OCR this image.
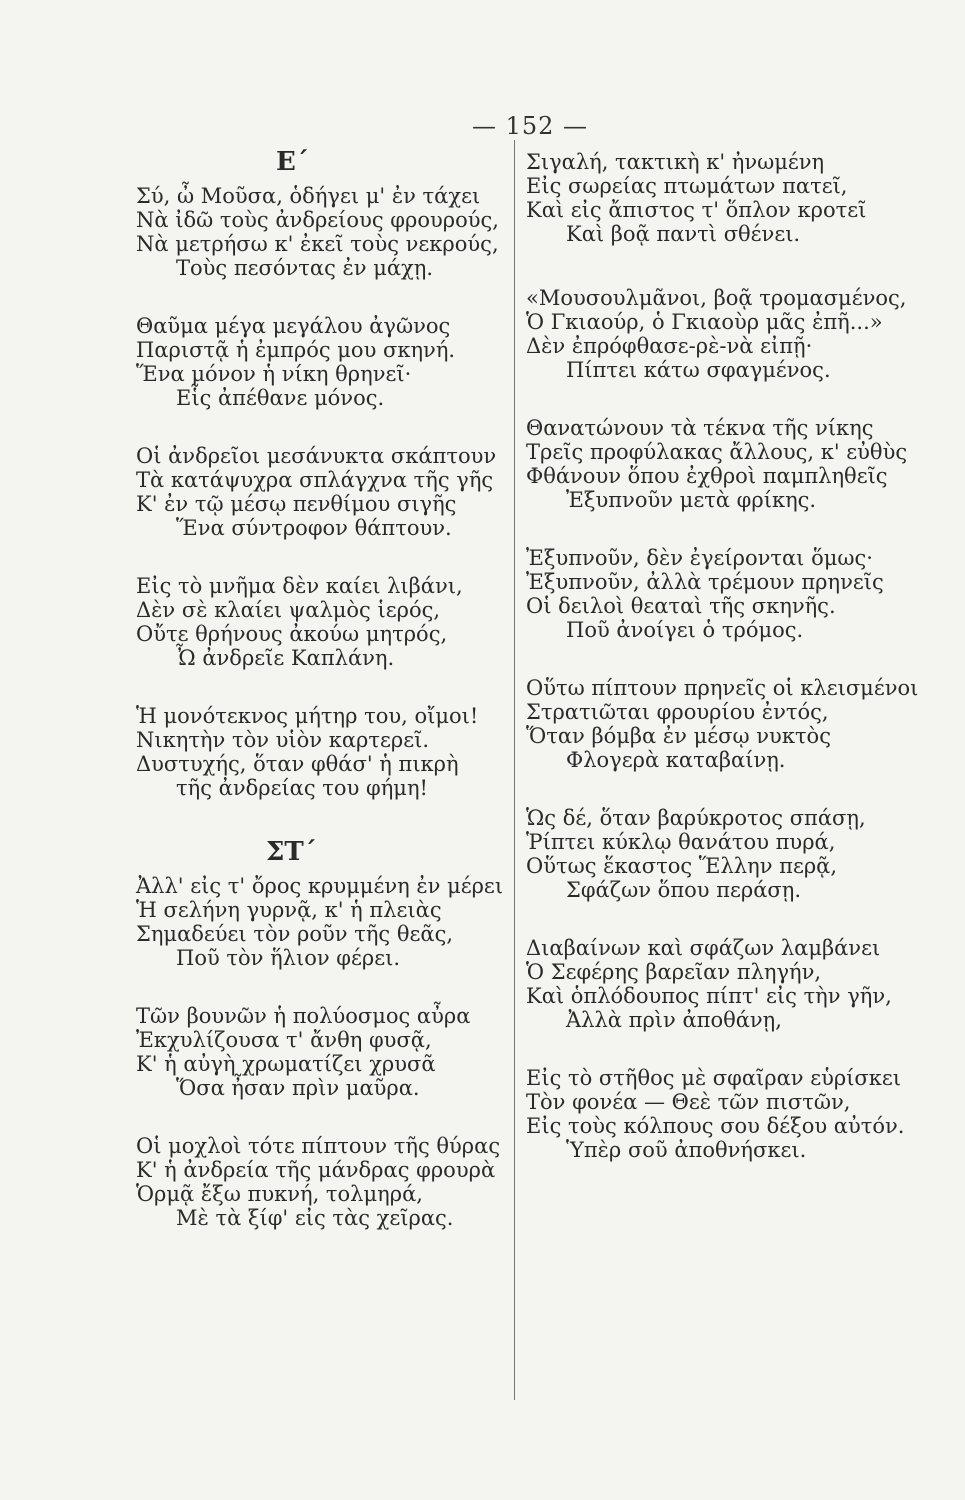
— 152 —
Ε΄
Σύ, ὦ Μοῦσα, ὁδήγει μ' ἐν τάχει
Νὰ ἰδῶ τοὺς ἀνδρείους φρουρούς,
Νὰ μετρήσω κ' ἐκεῖ τοὺς νεκρούς,
Τοὺς πεσόντας ἐν μάχῃ.
Θαῦμα μέγα μεγάλου ἀγῶνος
Παριστᾷ ἡ ἐμπρός μου σκηνή.
Ἕνα μόνον ἡ νίκη θρηνεῖ·
Εἷς ἀπέθανε μόνος.
Οἱ ἀνδρεῖοι μεσάνυκτα σκάπτουν
Τὰ κατάψυχρα σπλάγχνα τῆς γῆς
Κ' ἐν τῷ μέσῳ πενθίμου σιγῆς
Ἕνα σύντροφον θάπτουν.
Εἰς τὸ μνῆμα δὲν καίει λιβάνι,
Δὲν σὲ κλαίει ψαλμὸς ἱερός,
Οὔτε θρήνους ἀκούω μητρός,
Ὦ ἀνδρεῖε Καπλάνη.
Ἡ μονότεκνος μήτηρ του, οἴμοι!
Νικητὴν τὸν υἱὸν καρτερεῖ.
Δυστυχής, ὅταν φθάσ' ἡ πικρὴ
τῆς ἀνδρείας του φήμη!
ΣΤ΄
Ἀλλ' εἰς τ' ὄρος κρυμμένη ἐν μέρει
Ἡ σελήνη γυρνᾷ, κ' ἡ πλειὰς
Σημαδεύει τὸν ροῦν τῆς θεᾶς,
Ποῦ τὸν ἥλιον φέρει.
Τῶν βουνῶν ἡ πολύοσμος αὖρα
Ἐκχυλίζουσα τ' ἄνθη φυσᾷ,
Κ' ἡ αὐγὴ χρωματίζει χρυσᾶ
Ὅσα ἦσαν πρὶν μαῦρα.
Οἱ μοχλοὶ τότε πίπτουν τῆς θύρας
Κ' ἡ ἀνδρεία τῆς μάνδρας φρουρὰ
Ὁρμᾷ ἔξω πυκνή, τολμηρά,
Μὲ τὰ ξίφ' εἰς τὰς χεῖρας.
Σιγαλή, τακτικὴ κ' ἠνωμένη
Εἰς σωρείας πτωμάτων πατεῖ,
Καὶ εἰς ἄπιστος τ' ὅπλον κροτεῖ
Καὶ βοᾷ παντὶ σθένει.
«Μουσουλμᾶνοι, βοᾷ τρομασμένος,
Ὁ Γκιαούρ, ὁ Γκιαοὺρ μᾶς ἐπῆ...»
Δὲν ἐπρόφθασε-ρὲ-νὰ εἰπῇ·
Πίπτει κάτω σφαγμένος.
Θανατώνουν τὰ τέκνα τῆς νίκης
Τρεῖς προφύλακας ἄλλους, κ' εὐθὺς
Φθάνουν ὅπου ἐχθροὶ παμπληθεῖς
Ἐξυπνοῦν μετὰ φρίκης.
Ἐξυπνοῦν, δὲν ἐγείρονται ὅμως·
Ἐξυπνοῦν, ἀλλὰ τρέμουν πρηνεῖς
Οἱ δειλοὶ θεαταὶ τῆς σκηνῆς.
Ποῦ ἀνοίγει ὁ τρόμος.
Οὕτω πίπτουν πρηνεῖς οἱ κλεισμένοι
Στρατιῶται φρουρίου ἐντός,
Ὅταν βόμβα ἐν μέσῳ νυκτὸς
Φλογερὰ καταβαίνῃ.
Ὡς δέ, ὅταν βαρύκροτος σπάσῃ,
Ῥίπτει κύκλῳ θανάτου πυρά,
Οὕτως ἕκαστος Ἕλλην περᾷ,
Σφάζων ὅπου περάσῃ.
Διαβαίνων καὶ σφάζων λαμβάνει
Ὁ Σεφέρης βαρεῖαν πληγήν,
Καὶ ὁπλόδουπος πίπτ' εἰς τὴν γῆν,
Ἀλλὰ πρὶν ἀποθάνῃ,
Εἰς τὸ στῆθος μὲ σφαῖραν εὑρίσκει
Τὸν φονέα — Θεὲ τῶν πιστῶν,
Εἰς τοὺς κόλπους σου δέξου αὐτόν.
Ὑπὲρ σοῦ ἀποθνήσκει.
